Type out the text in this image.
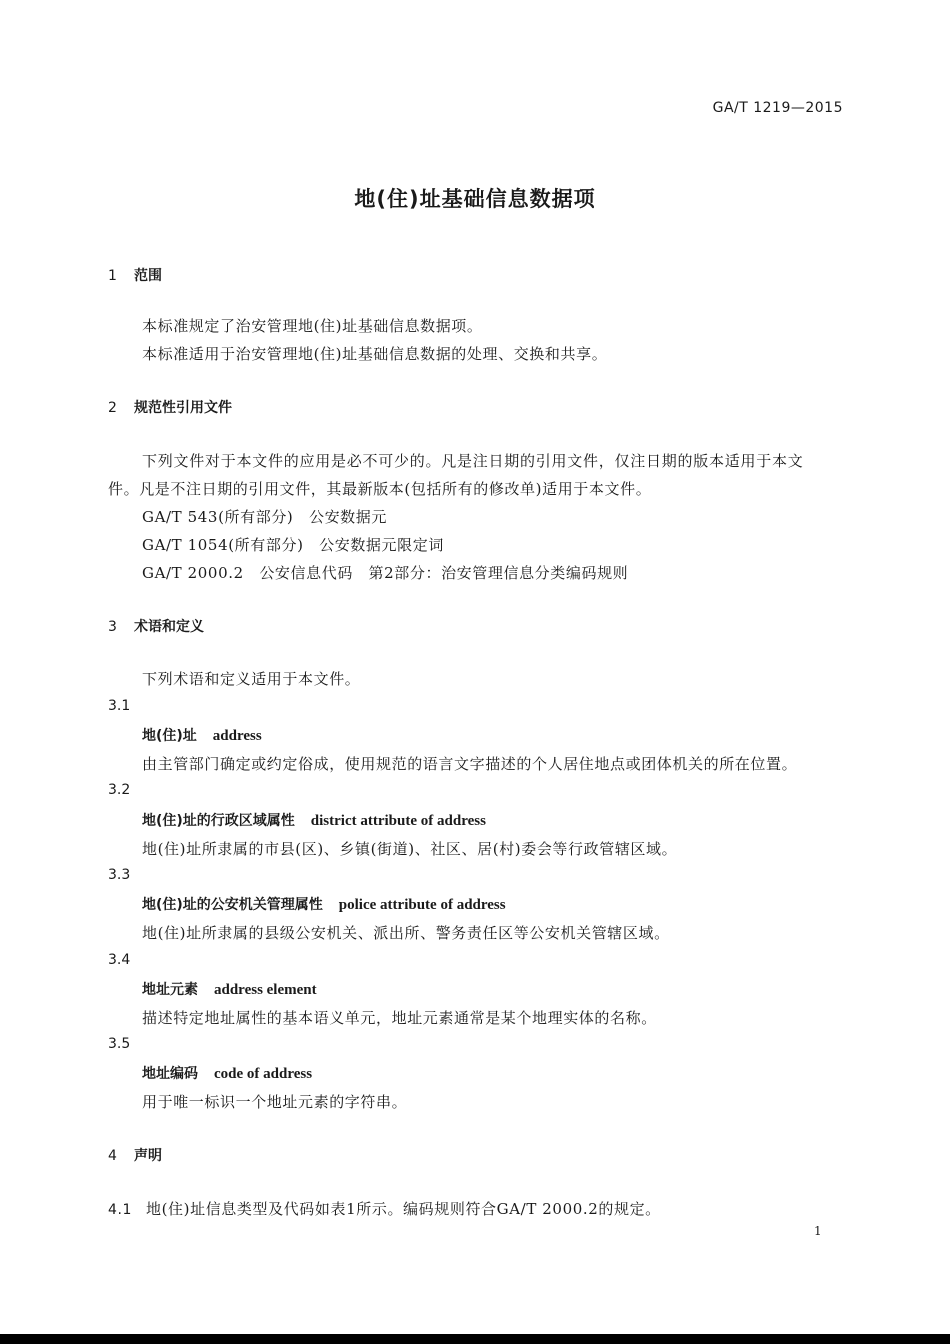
GA/T 1219—2015
地(住)址基础信息数据项
1 范围
本标准规定了治安管理地(住)址基础信息数据项。
本标准适用于治安管理地(住)址基础信息数据的处理、交换和共享。
2 规范性引用文件
下列文件对于本文件的应用是必不可少的。凡是注日期的引用文件，仅注日期的版本适用于本文
件。凡是不注日期的引用文件，其最新版本(包括所有的修改单)适用于本文件。
GA/T 543(所有部分)　公安数据元
GA/T 1054(所有部分)　公安数据元限定词
GA/T 2000.2　公安信息代码　第2部分：治安管理信息分类编码规则
3 术语和定义
下列术语和定义适用于本文件。
3.1
地(住)址 address
由主管部门确定或约定俗成，使用规范的语言文字描述的个人居住地点或团体机关的所在位置。
3.2
地(住)址的行政区域属性 district attribute of address
地(住)址所隶属的市县(区)、乡镇(街道)、社区、居(村)委会等行政管辖区域。
3.3
地(住)址的公安机关管理属性 police attribute of address
地(住)址所隶属的县级公安机关、派出所、警务责任区等公安机关管辖区域。
3.4
地址元素 address element
描述特定地址属性的基本语义单元，地址元素通常是某个地理实体的名称。
3.5
地址编码 code of address
用于唯一标识一个地址元素的字符串。
4 声明
4.1 地(住)址信息类型及代码如表1所示。编码规则符合GA/T 2000.2的规定。
1
